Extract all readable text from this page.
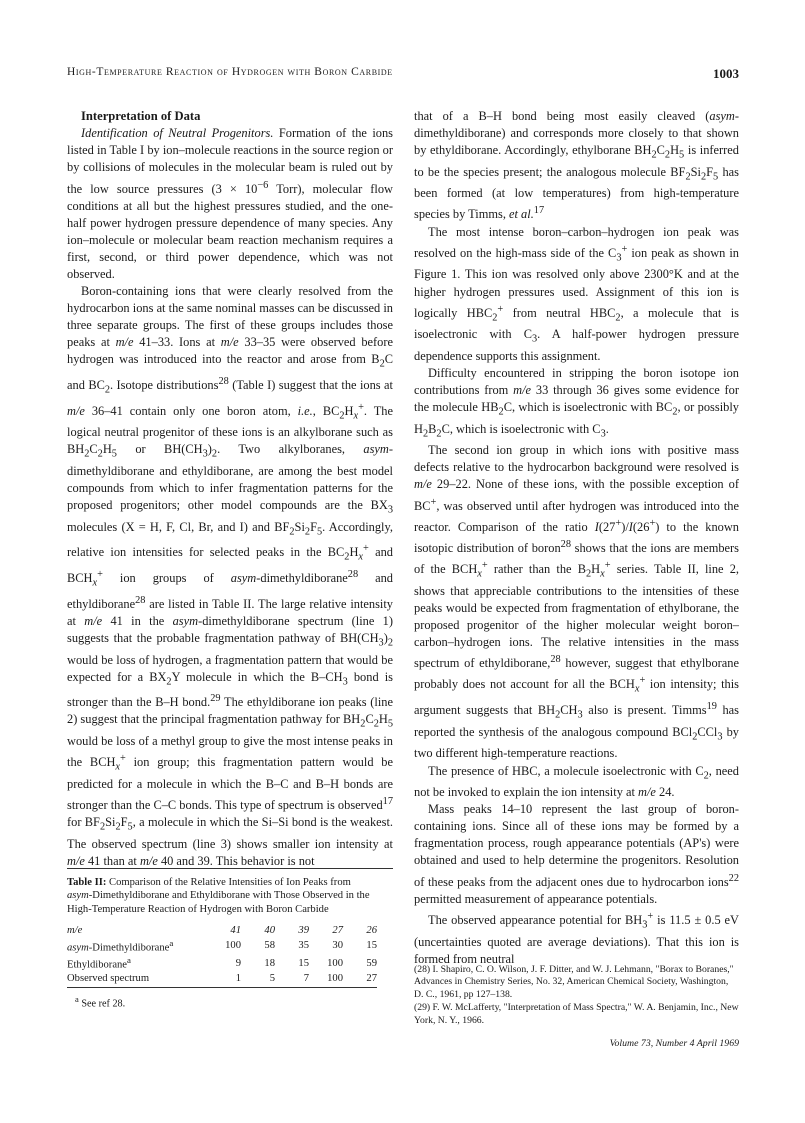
High-Temperature Reaction of Hydrogen with Boron Carbide	1003

Interpretation of Data

Identification of Neutral Progenitors. Formation of the ions listed in Table I by ion–molecule reactions in the source region or by collisions of molecules in the molecular beam is ruled out by the low source pressures ($3 \times 10^{-6}$ Torr), molecular flow conditions at all but the highest pressures studied, and the one-half power hydrogen pressure dependence of many species. Any ion–molecule or molecular beam reaction mechanism requires a first, second, or third power dependence, which was not observed.

Boron-containing ions that were clearly resolved from the hydrocarbon ions at the same nominal masses can be discussed in three separate groups. The first of these groups includes those peaks at m/e 41–33. Ions at m/e 33–35 were observed before hydrogen was introduced into the reactor and arose from $B_2C$ and $BC_2$. Isotope distributions$^{28}$ (Table I) suggest that the ions at m/e 36–41 contain only one boron atom, i.e., $BC_2H_x^+$. The logical neutral progenitor of these ions is an alkylborane such as $BH_2C_2H_5$ or $BH(CH_3)_2$. Two alkylboranes, asym-dimethyldiborane and ethyldiborane, are among the best model compounds from which to infer fragmentation patterns for the proposed progenitors; other model compounds are the $BX_3$ molecules (X = H, F, Cl, Br, and I) and $BF_2Si_2F_5$. Accordingly, relative ion intensities for selected peaks in the $BC_2H_x^+$ and $BCH_x^+$ ion groups of asym-dimethyldiborane$^{28}$ and ethyldiborane$^{28}$ are listed in Table II. The large relative intensity at m/e 41 in the asym-dimethyldiborane spectrum (line 1) suggests that the probable fragmentation pathway of $BH(CH_3)_2$ would be loss of hydrogen, a fragmentation pattern that would be expected for a $BX_2Y$ molecule in which the $B-CH_3$ bond is stronger than the B–H bond.$^{29}$ The ethyldiborane ion peaks (line 2) suggest that the principal fragmentation pathway for $BH_2C_2H_5$ would be loss of a methyl group to give the most intense peaks in the $BCH_x^+$ ion group; this fragmentation pattern would be predicted for a molecule in which the B–C and B–H bonds are stronger than the C–C bonds. This type of spectrum is observed$^{17}$ for $BF_2Si_2F_5$, a molecule in which the Si–Si bond is the weakest. The observed spectrum (line 3) shows smaller ion intensity at m/e 41 than at m/e 40 and 39. This behavior is not

Table II: Comparison of the Relative Intensities of Ion Peaks from asym-Dimethyldiborane and Ethyldiborane with Those Observed in the High-Temperature Reaction of Hydrogen with Boron Carbide

m/e	41	40	39	27	26
asym-Dimethyldiborane$^a$	100	58	35	30	15
Ethyldiborane$^a$	9	18	15	100	59
Observed spectrum	1	5	7	100	27
$^a$ See ref 28.

that of a B–H bond being most easily cleaved (asym-dimethyldiborane) and corresponds more closely to that shown by ethyldiborane. Accordingly, ethylborane $BH_2C_2H_5$ is inferred to be the species present; the analogous molecule $BF_2Si_2F_5$ has been formed (at low temperatures) from high-temperature species by Timms, et al.$^{17}$

The most intense boron–carbon–hydrogen ion peak was resolved on the high-mass side of the $C_3^+$ ion peak as shown in Figure 1. This ion was resolved only above 2300°K and at the higher hydrogen pressures used. Assignment of this ion is logically $HBC_2^+$ from neutral $HBC_2$, a molecule that is isoelectronic with $C_3$. A half-power hydrogen pressure dependence supports this assignment.

Difficulty encountered in stripping the boron isotope ion contributions from m/e 33 through 36 gives some evidence for the molecule $HB_2C$, which is isoelectronic with $BC_2$, or possibly $H_2B_2C$, which is isoelectronic with $C_3$.

The second ion group in which ions with positive mass defects relative to the hydrocarbon background were resolved is m/e 29–22. None of these ions, with the possible exception of BC+, was observed until after hydrogen was introduced into the reactor. Comparison of the ratio I(27+)/I(26+) to the known isotopic distribution of boron$^{28}$ shows that the ions are members of the $BCH_x^+$ rather than the $B_2H_x^+$ series. Table II, line 2, shows that appreciable contributions to the intensities of these peaks would be expected from fragmentation of ethylborane, the proposed progenitor of the higher molecular weight boron–carbon–hydrogen ions. The relative intensities in the mass spectrum of ethyldiborane,$^{28}$ however, suggest that ethylborane probably does not account for all the $BCH_x^+$ ion intensity; this argument suggests that $BH_2CH_3$ also is present. Timms$^{19}$ has reported the synthesis of the analogous compound BCl$_2$CCl$_3$ by two different high-temperature reactions.

The presence of HBC, a molecule isoelectronic with $C_2$, need not be invoked to explain the ion intensity at m/e 24.

Mass peaks 14–10 represent the last group of boron-containing ions. Since all of these ions may be formed by a fragmentation process, rough appearance potentials (AP's) were obtained and used to help determine the progenitors. Resolution of these peaks from the adjacent ones due to hydrocarbon ions$^{22}$ permitted measurement of appearance potentials.

The observed appearance potential for $BH_3^+$ is 11.5 ± 0.5 eV (uncertainties quoted are average deviations). That this ion is formed from neutral

(28) I. Shapiro, C. O. Wilson, J. F. Ditter, and W. J. Lehmann, "Borax to Boranes," Advances in Chemistry Series, No. 32, American Chemical Society, Washington, D. C., 1961, pp 127–138.

(29) F. W. McLafferty, "Interpretation of Mass Spectra," W. A. Benjamin, Inc., New York, N. Y., 1966.

Volume 73, Number 4 April 1969
